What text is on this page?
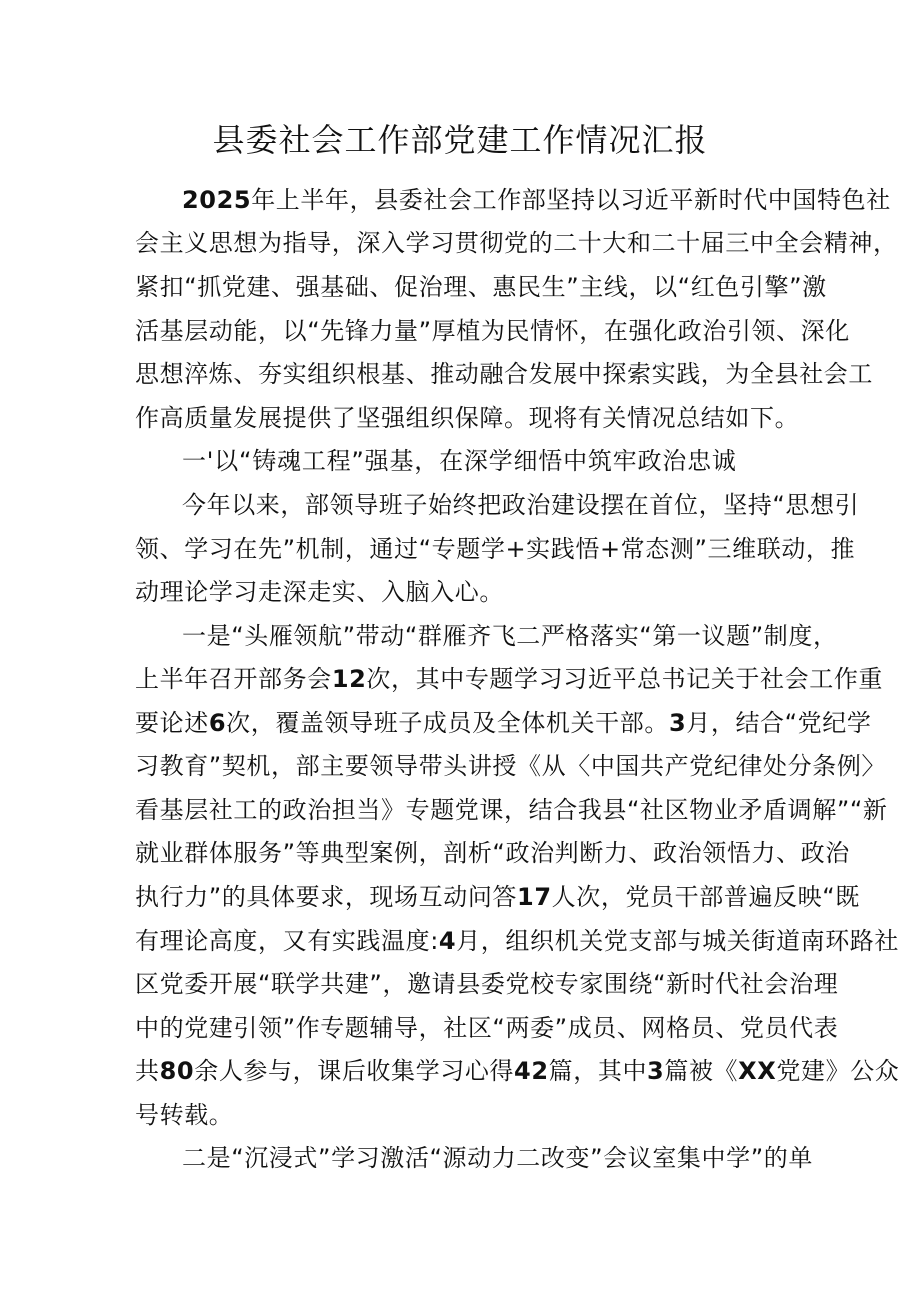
县委社会工作部党建工作情况汇报
2025年上半年，县委社会工作部坚持以习近平新时代中国特色社
会主义思想为指导，深入学习贯彻党的二十大和二十届三中全会精神，
紧扣“抓党建、强基础、促治理、惠民生”主线，以“红色引擎”激
活基层动能，以“先锋力量”厚植为民情怀，在强化政治引领、深化
思想淬炼、夯实组织根基、推动融合发展中探索实践，为全县社会工
作高质量发展提供了坚强组织保障。现将有关情况总结如下。
一'以“铸魂工程”强基，在深学细悟中筑牢政治忠诚
今年以来，部领导班子始终把政治建设摆在首位，坚持“思想引
领、学习在先”机制，通过“专题学+实践悟+常态测”三维联动，推
动理论学习走深走实、入脑入心。
一是“头雁领航”带动“群雁齐飞二严格落实“第一议题”制度，
上半年召开部务会12次，其中专题学习习近平总书记关于社会工作重
要论述6次，覆盖领导班子成员及全体机关干部。3月，结合“党纪学
习教育”契机，部主要领导带头讲授《从〈中国共产党纪律处分条例〉
看基层社工的政治担当》专题党课，结合我县“社区物业矛盾调解”“新
就业群体服务”等典型案例，剖析“政治判断力、政治领悟力、政治
执行力”的具体要求，现场互动问答17人次，党员干部普遍反映“既
有理论高度，又有实践温度:4月，组织机关党支部与城关街道南环路社
区党委开展“联学共建”，邀请县委党校专家围绕“新时代社会治理
中的党建引领”作专题辅导，社区“两委”成员、网格员、党员代表
共80余人参与，课后收集学习心得42篇，其中3篇被《XX党建》公众
号转载。
二是“沉浸式”学习激活“源动力二改变”会议室集中学”的单
